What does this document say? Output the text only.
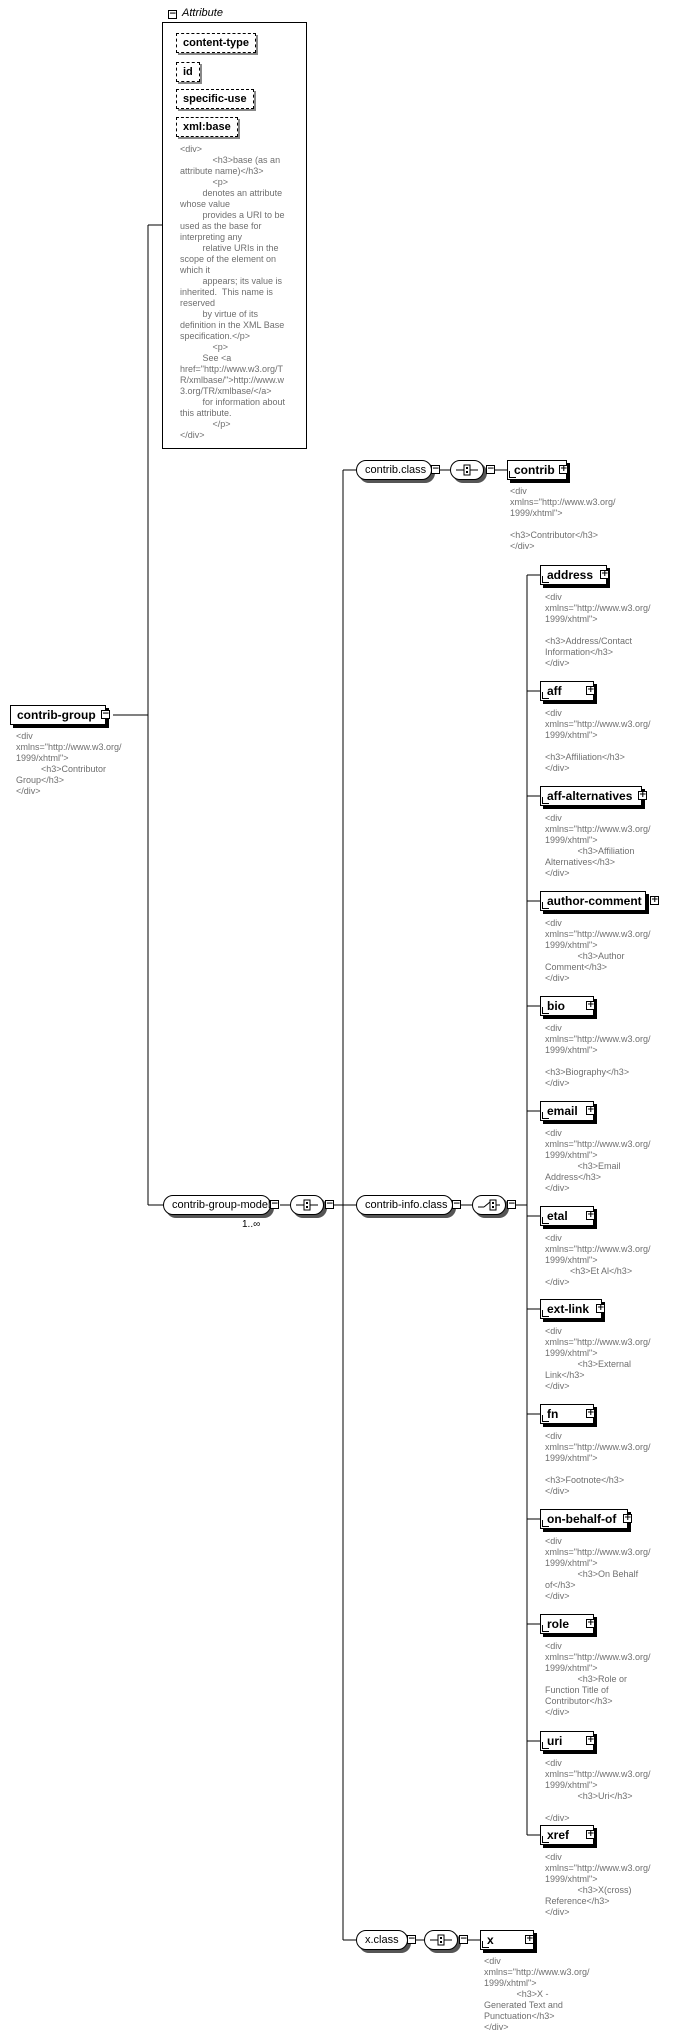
contrib-group −
<div
xmlns="http://www.w3.org/
1999/xhtml">
<h3>Contributor
Group</h3>
</div>
− Attribute
content-type
id
specific-use
xml:base
<div>
<h3>base (as an
attribute name)</h3>
<p>
denotes an attribute
whose value
provides a URI to be
used as the base for
interpreting any
relative URIs in the
scope of the element on
which it
appears; its value is
inherited.  This name is
reserved
by virtue of its
definition in the XML Base
specification.</p>
<p>
See <a
href="http://www.w3.org/T
R/xmlbase/">http://www.w
3.org/TR/xmlbase/</a>
for information about
this attribute.
</p>
</div>
contrib-group-model −
1..∞
−
contrib.class −	−	contrib +
<div
xmlns="http://www.w3.org/
1999/xhtml">

<h3>Contributor</h3>
</div>
contrib-info.class −	−
address +
<div
xmlns="http://www.w3.org/
1999/xhtml">

<h3>Address/Contact
Information</h3>
</div>
aff	+
<div
xmlns="http://www.w3.org/
1999/xhtml">

<h3>Affiliation</h3>
</div>
aff-alternatives +
<div
xmlns="http://www.w3.org/
1999/xhtml">
<h3>Affiliation
Alternatives</h3>
</div>
author-comment	+
<div
xmlns="http://www.w3.org/
1999/xhtml">
<h3>Author
Comment</h3>
</div>
bio	+
<div
xmlns="http://www.w3.org/
1999/xhtml">

<h3>Biography</h3>
</div>
email	+
<div
xmlns="http://www.w3.org/
1999/xhtml">
<h3>Email
Address</h3>
</div>
etal	+
<div
xmlns="http://www.w3.org/
1999/xhtml">
<h3>Et Al</h3>
</div>
ext-link +
<div
xmlns="http://www.w3.org/
1999/xhtml">
<h3>External
Link</h3>
</div>
fn	+
<div
xmlns="http://www.w3.org/
1999/xhtml">

<h3>Footnote</h3>
</div>
on-behalf-of +
<div
xmlns="http://www.w3.org/
1999/xhtml">
<h3>On Behalf
of</h3>
</div>
role	+
<div
xmlns="http://www.w3.org/
1999/xhtml">
<h3>Role or
Function Title of
Contributor</h3>
</div>
uri	+
<div
xmlns="http://www.w3.org/
1999/xhtml">
<h3>Uri</h3>

</div>
xref	+
<div
xmlns="http://www.w3.org/
1999/xhtml">
<h3>X(cross)
Reference</h3>
</div>
x.class	−	−	x	+
<div
xmlns="http://www.w3.org/
1999/xhtml">
<h3>X -
Generated Text and
Punctuation</h3>
</div>
